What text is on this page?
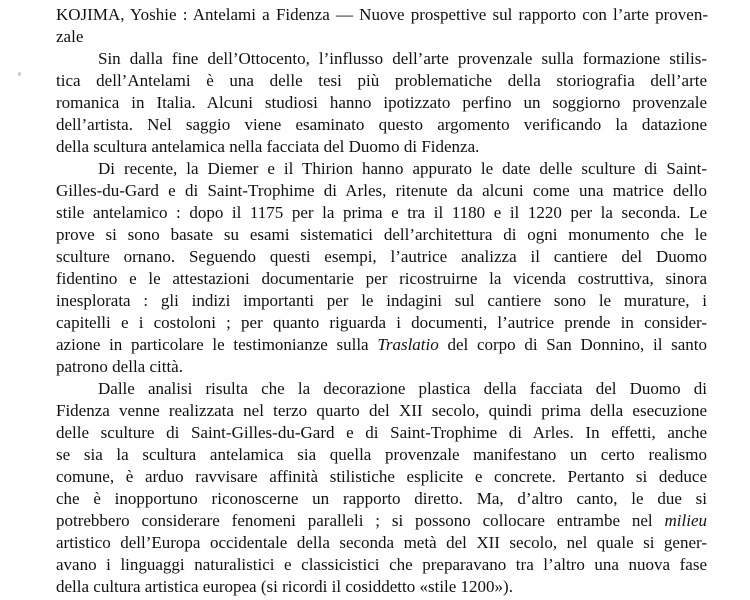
KOJIMA, Yoshie : Antelami a Fidenza — Nuove prospettive sul rapporto con l’arte proven-
zale
Sin dalla fine dell’Ottocento, l’influsso dell’arte provenzale sulla formazione stilis-
tica dell’Antelami è una delle tesi più problematiche della storiografia dell’arte
romanica in Italia. Alcuni studiosi hanno ipotizzato perfino un soggiorno provenzale
dell’artista. Nel saggio viene esaminato questo argomento verificando la datazione
della scultura antelamica nella facciata del Duomo di Fidenza.
Di recente, la Diemer e il Thirion hanno appurato le date delle sculture di Saint-
Gilles-du-Gard e di Saint-Trophime di Arles, ritenute da alcuni come una matrice dello
stile antelamico : dopo il 1175 per la prima e tra il 1180 e il 1220 per la seconda. Le
prove si sono basate su esami sistematici dell’architettura di ogni monumento che le
sculture ornano. Seguendo questi esempi, l’autrice analizza il cantiere del Duomo
fidentino e le attestazioni documentarie per ricostruirne la vicenda costruttiva, sinora
inesplorata : gli indizi importanti per le indagini sul cantiere sono le murature, i
capitelli e i costoloni ; per quanto riguarda i documenti, l’autrice prende in consider-
azione in particolare le testimonianze sulla Traslatio del corpo di San Donnino, il santo
patrono della città.
Dalle analisi risulta che la decorazione plastica della facciata del Duomo di
Fidenza venne realizzata nel terzo quarto del XII secolo, quindi prima della esecuzione
delle sculture di Saint-Gilles-du-Gard e di Saint-Trophime di Arles. In effetti, anche
se sia la scultura antelamica sia quella provenzale manifestano un certo realismo
comune, è arduo ravvisare affinità stilistiche esplicite e concrete. Pertanto si deduce
che è inopportuno riconoscerne un rapporto diretto. Ma, d’altro canto, le due si
potrebbero considerare fenomeni paralleli ; si possono collocare entrambe nel milieu
artistico dell’Europa occidentale della seconda metà del XII secolo, nel quale si gener-
avano i linguaggi naturalistici e classicistici che preparavano tra l’altro una nuova fase
della cultura artistica europea (si ricordi il cosiddetto «stile 1200»).
